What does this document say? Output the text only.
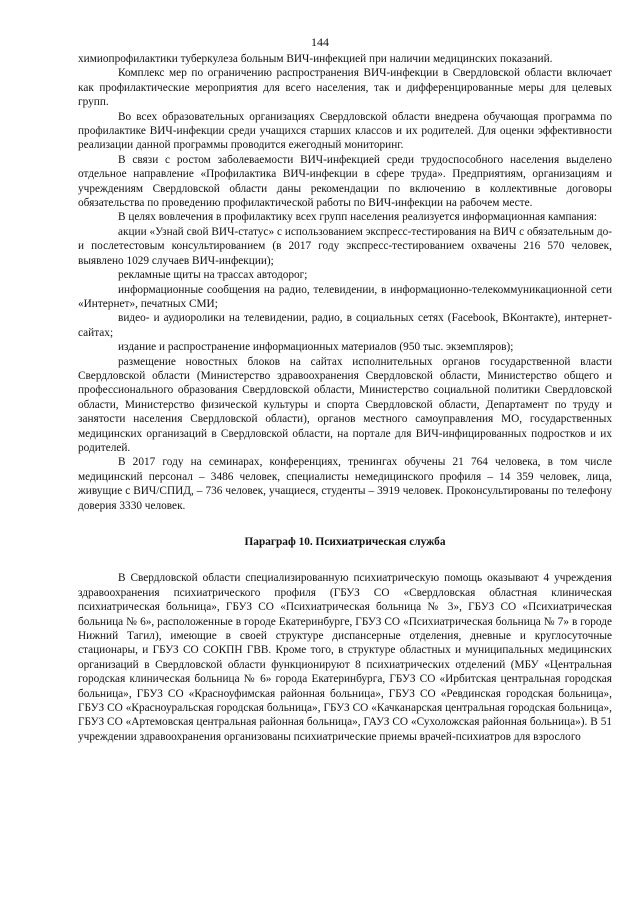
144

химиопрофилактики туберкулеза больным ВИЧ-инфекцией при наличии медицинских показаний.

Комплекс мер по ограничению распространения ВИЧ-инфекции в Свердловской области включает как профилактические мероприятия для всего населения, так и дифференцированные меры для целевых групп.

Во всех образовательных организациях Свердловской области внедрена обучающая программа по профилактике ВИЧ-инфекции среди учащихся старших классов и их родителей. Для оценки эффективности реализации данной программы проводится ежегодный мониторинг.

В связи с ростом заболеваемости ВИЧ-инфекцией среди трудоспособного населения выделено отдельное направление «Профилактика ВИЧ-инфекции в сфере труда». Предприятиям, организациям и учреждениям Свердловской области даны рекомендации по включению в коллективные договоры обязательства по проведению профилактической работы по ВИЧ-инфекции на рабочем месте.

В целях вовлечения в профилактику всех групп населения реализуется информационная кампания:

акции «Узнай свой ВИЧ-статус» с использованием экспресс-тестирования на ВИЧ с обязательным до- и послетестовым консультированием (в 2017 году экспресс-тестированием охвачены 216 570 человек, выявлено 1029 случаев ВИЧ-инфекции);

рекламные щиты на трассах автодорог;

информационные сообщения на радио, телевидении, в информационно-телекоммуникационной сети «Интернет», печатных СМИ;

видео- и аудиоролики на телевидении, радио, в социальных сетях (Facebook, ВКонтакте), интернет-сайтах;

издание и распространение информационных материалов (950 тыс. экземпляров);

размещение новостных блоков на сайтах исполнительных органов государственной власти Свердловской области (Министерство здравоохранения Свердловской области, Министерство общего и профессионального образования Свердловской области, Министерство социальной политики Свердловской области, Министерство физической культуры и спорта Свердловской области, Департамент по труду и занятости населения Свердловской области), органов местного самоуправления МО, государственных медицинских организаций в Свердловской области, на портале для ВИЧ-инфицированных подростков и их родителей.

В 2017 году на семинарах, конференциях, тренингах обучены 21 764 человека, в том числе медицинский персонал – 3486 человек, специалисты немедицинского профиля – 14 359 человек, лица, живущие с ВИЧ/СПИД, – 736 человек, учащиеся, студенты – 3919 человек. Проконсультированы по телефону доверия 3330 человек.

Параграф 10. Психиатрическая служба

В Свердловской области специализированную психиатрическую помощь оказывают 4 учреждения здравоохранения психиатрического профиля (ГБУЗ СО «Свердловская областная клиническая психиатрическая больница», ГБУЗ СО «Психиатрическая больница № 3», ГБУЗ СО «Психиатрическая больница № 6», расположенные в городе Екатеринбурге, ГБУЗ СО «Психиатрическая больница № 7» в городе Нижний Тагил), имеющие в своей структуре диспансерные отделения, дневные и круглосуточные стационары, и ГБУЗ СО СОКПН ГВВ. Кроме того, в структуре областных и муниципальных медицинских организаций в Свердловской области функционируют 8 психиатрических отделений (МБУ «Центральная городская клиническая больница № 6» города Екатеринбурга, ГБУЗ СО «Ирбитская центральная городская больница», ГБУЗ СО «Красноуфимская районная больница», ГБУЗ СО «Ревдинская городская больница», ГБУЗ СО «Красноуральская городская больница», ГБУЗ СО «Качканарская центральная городская больница», ГБУЗ СО «Артемовская центральная районная больница», ГАУЗ СО «Сухоложская районная больница»). В 51 учреждении здравоохранения организованы психиатрические приемы врачей-психиатров для взрослого
